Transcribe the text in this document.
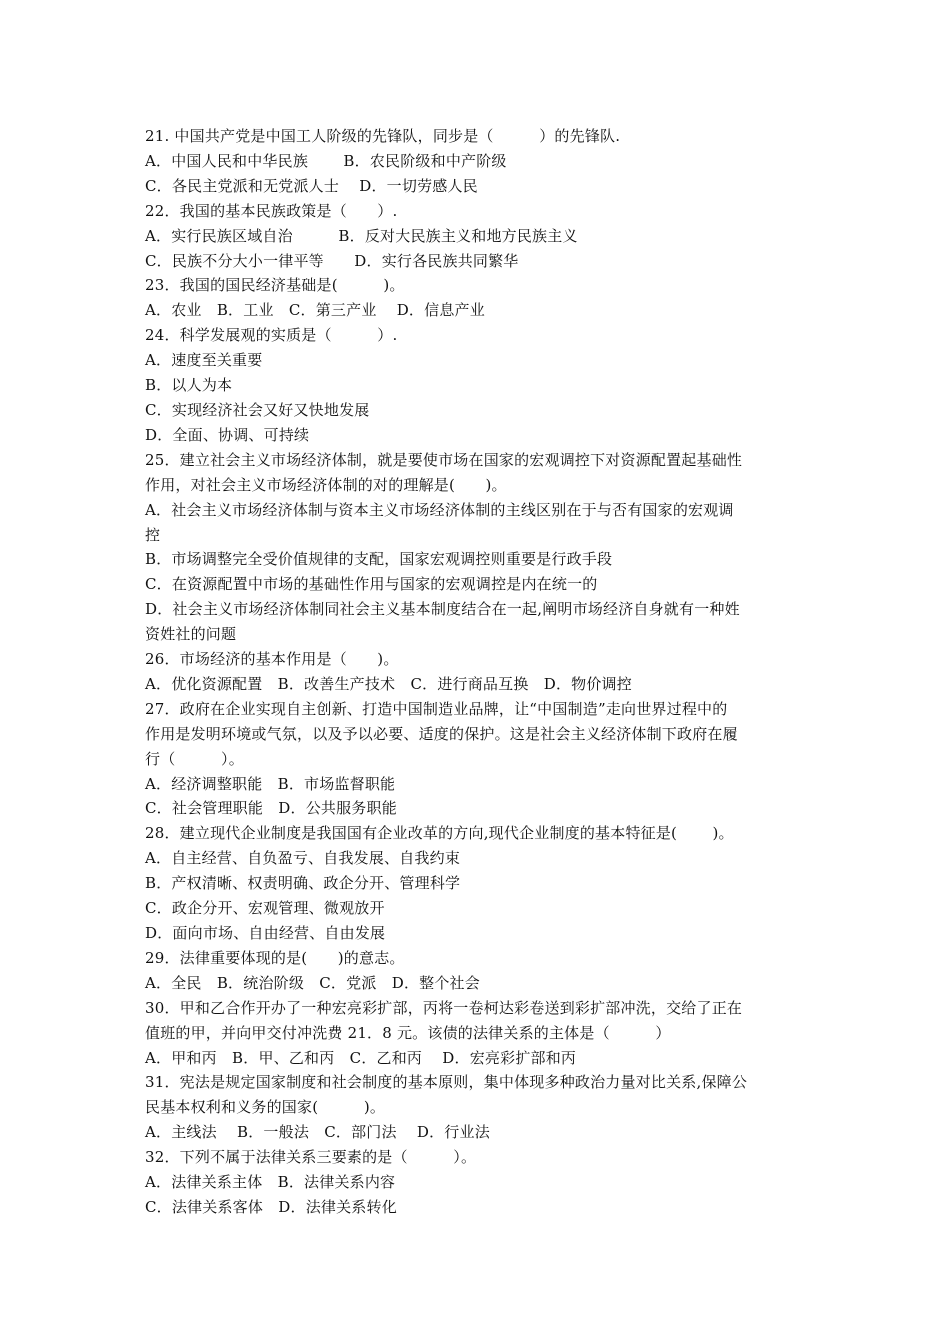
21. 中国共产党是中国工人阶级的先锋队，同步是（　　　）的先锋队.
A．中国人民和中华民族　　 B．农民阶级和中产阶级
C．各民主党派和无党派人士　 D．一切劳感人民
22．我国的基本民族政策是（　　）.
A．实行民族区域自治　　　B．反对大民族主义和地方民族主义
C．民族不分大小一律平等　　D．实行各民族共同繁华
23．我国的国民经济基础是(　　　)。
A．农业　B．工业　C．第三产业　 D．信息产业
24．科学发展观的实质是（　　　）.
A．速度至关重要
B．以人为本
C．实现经济社会又好又快地发展
D．全面、协调、可持续
25．建立社会主义市场经济体制，就是要使市场在国家的宏观调控下对资源配置起基础性
作用，对社会主义市场经济体制的对的理解是(　　)。
A．社会主义市场经济体制与资本主义市场经济体制的主线区别在于与否有国家的宏观调
控
B．市场调整完全受价值规律的支配，国家宏观调控则重要是行政手段
C．在资源配置中市场的基础性作用与国家的宏观调控是内在统一的
D．社会主义市场经济体制同社会主义基本制度结合在一起,阐明市场经济自身就有一种姓
资姓社的问题
26．市场经济的基本作用是（　　)。
A．优化资源配置　B．改善生产技术　C．进行商品互换　D．物价调控
27．政府在企业实现自主创新、打造中国制造业品牌，让“中国制造”走向世界过程中的
作用是发明环境或气氛，以及予以必要、适度的保护。这是社会主义经济体制下政府在履
行（　　　）。
A．经济调整职能　B．市场监督职能
C．社会管理职能　D．公共服务职能
28．建立现代企业制度是我国国有企业改革的方向,现代企业制度的基本特征是(　　 )。
A．自主经营、自负盈亏、自我发展、自我约束
B．产权清晰、权责明确、政企分开、管理科学
C．政企分开、宏观管理、微观放开
D．面向市场、自由经营、自由发展
29．法律重要体现的是(　　)的意志。
A．全民　B．统治阶级　C．党派　D．整个社会
30．甲和乙合作开办了一种宏亮彩扩部，丙将一卷柯达彩卷送到彩扩部冲洗，交给了正在
值班的甲，并向甲交付冲洗费 21．8 元。该债的法律关系的主体是（　　　）
A．甲和丙　B．甲、乙和丙　C．乙和丙　 D．宏亮彩扩部和丙
31．宪法是规定国家制度和社会制度的基本原则，集中体现多种政治力量对比关系,保障公
民基本权利和义务的国家(　　　)。
A．主线法　 B．一般法　C．部门法　 D．行业法
32．下列不属于法律关系三要素的是（　　　）。
A．法律关系主体　B．法律关系内容
C．法律关系客体　D．法律关系转化
